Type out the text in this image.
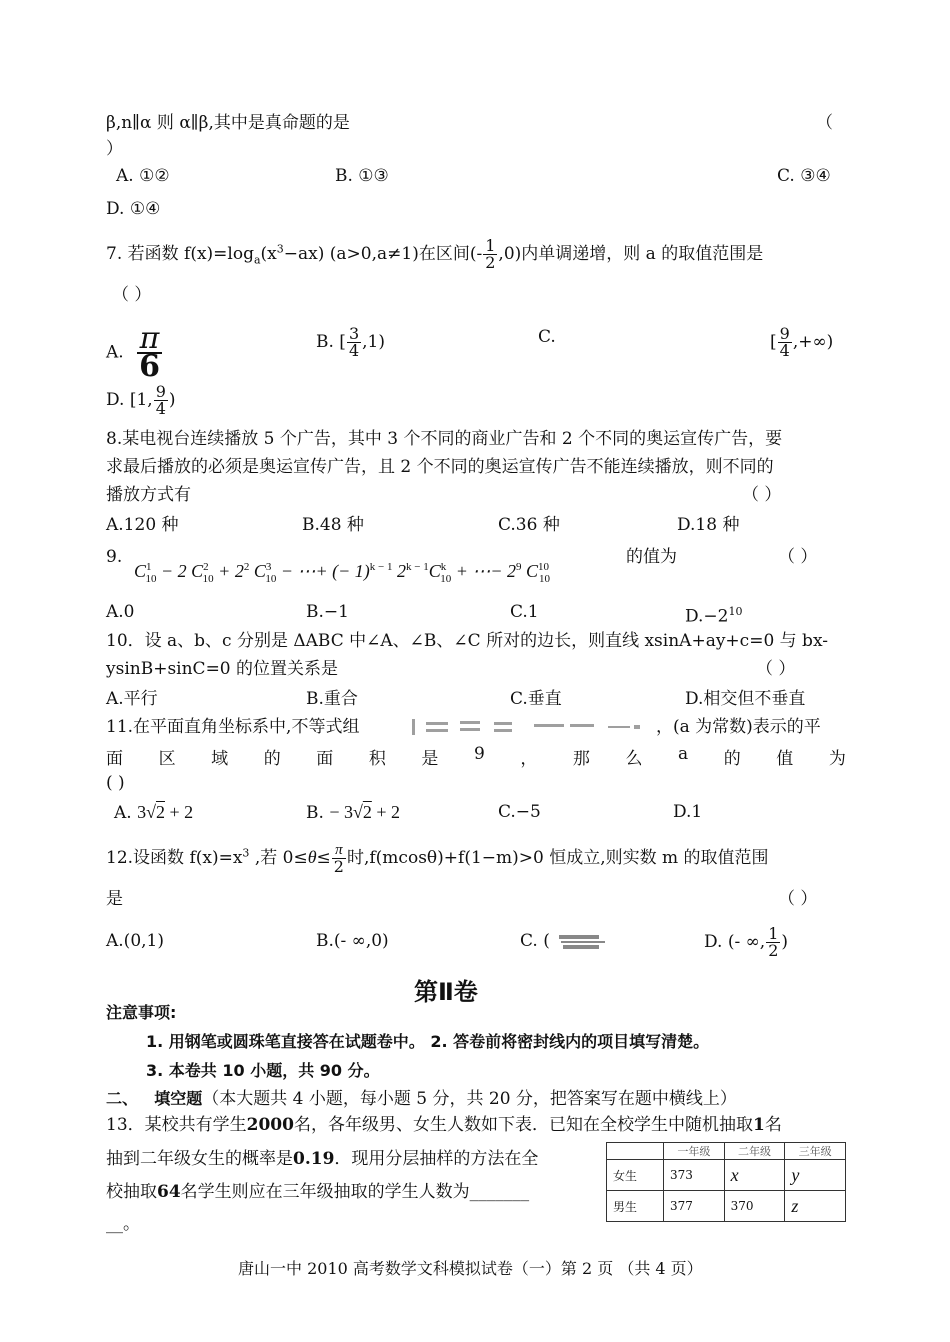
β,n∥α 则 α∥β,其中是真命题的是	（
）
A. ①②	B. ①③	C. ③④
D. ①④
7. 若函数 $f(x)=\log_a(x^3-ax)$ (a>0,a≠1)在区间(- $\frac{1}{2} ,0$)内单调递增，则 a 的取值范围是
（ ）
A. $\frac{\pi}{6}$	B. [ $\frac{3}{4} ,1$)	C.	[ $\frac{9}{4}$ ,+∞)
D. [1, $\frac{9}{4}$ )
8.某电视台连续播放 5 个广告，其中 3 个不同的商业广告和 2 个不同的奥运宣传广告，要
求最后播放的必须是奥运宣传广告，且 2 个不同的奥运宣传广告不能连续播放，则不同的
播放方式有	（ ）
A.120 种	B.48 种	C.36 种	D.18 种
9.
$C^1_{10} - 2$ $C^2_{10} + 2^2$ $C^3_{10}$ − ⋯+ (− 1)$^{k - 1}$ $2^{k - 1}C^k_{10}$ + ⋯− $2^9$ $C^{10}_{10}$
的值为	（ ）
A.0	B.−1	C.1	$D.-2^{10}$
10．设 a、b、c 分别是 ΔABC 中∠A、∠B、∠C 所对的边长，则直线 xsinA+ay+c=0 与 bx-
ysinB+sinC=0 的位置关系是	（ ）
A.平行	B.重合	C.垂直	D.相交但不垂直
11.在平面直角坐标系中,不等式组	，(a 为常数)表示的平
面 区 域 的 面 积 是 9 ， 那 么 a 的 值 为
( )
A. 3√2 + 2	B. − 3√2 + 2	C.−5	D.1
12.设函数 $f(x)=x^3$ ,若 $0\le\theta\le \frac{\pi}{2}$ 时,f(mcosθ)+f(1−m)>0 恒成立,则实数 m 的取值范围
是	（ ）
A.(0,1)	B.(- ∞,0)	C. (	D. (- ∞, $\frac{1}{2}$ )
第Ⅱ卷
注意事项:
1. 用钢笔或圆珠笔直接答在试题卷中。 2. 答卷前将密封线内的项目填写清楚。
3. 本卷共 10 小题，共 90 分。
二、 填空题（本大题共 4 小题，每小题 5 分，共 20 分，把答案写在题中横线上）
13．某校共有学生2000名，各年级男、女生人数如下表．已知在全校学生中随机抽取1名
抽到二年级女生的概率是0.19．现用分层抽样的方法在全
校抽取64名学生则应在三年级抽取的学生人数为_______
__。
	一年级	二年级	三年级
女生	373	x	y
男生	377	370	z
唐山一中 2010 高考数学文科模拟试卷（一）第 2 页 （共 4 页）
